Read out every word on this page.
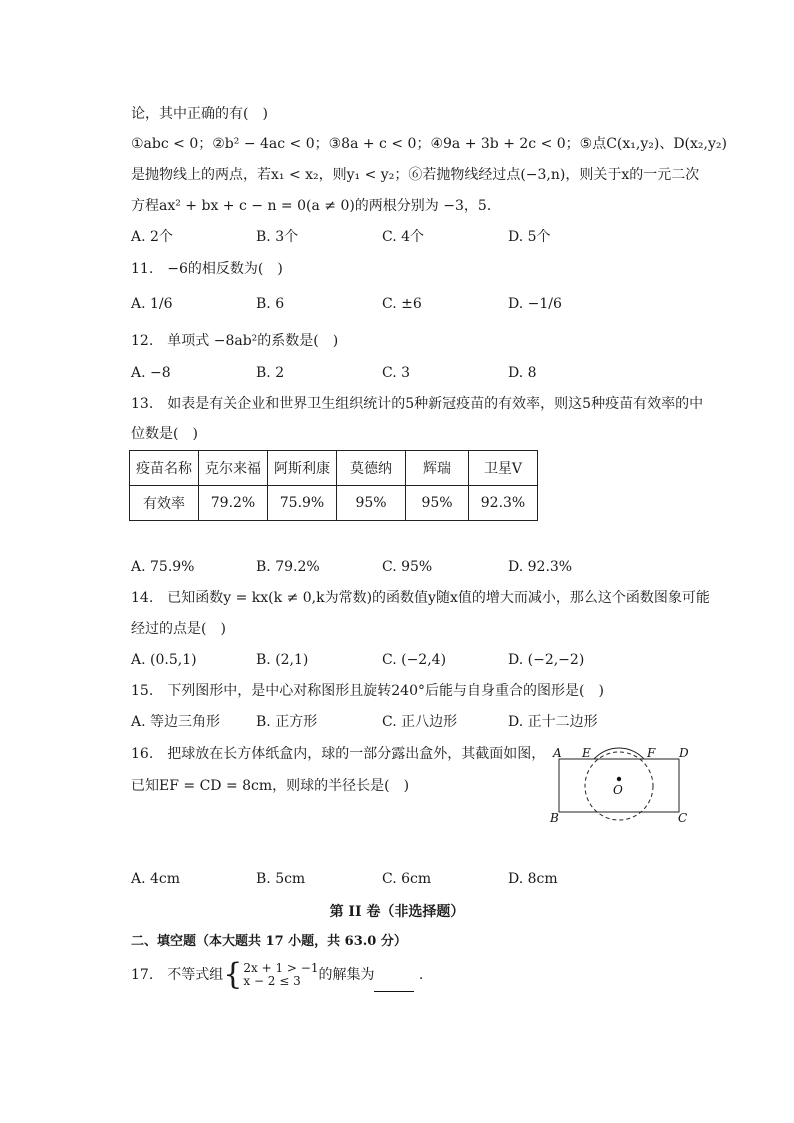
论，其中正确的有(　)
①abc < 0；②b² − 4ac < 0；③8a + c < 0；④9a + 3b + 2c < 0；⑤点C(x₁,y₂)、D(x₂,y₂)
是抛物线上的两点，若x₁ < x₂，则y₁ < y₂；⑥若抛物线经过点(−3,n)，则关于x的一元二次
方程ax² + bx + c − n = 0(a ≠ 0)的两根分别为 −3，5.
A. 2个	B. 3个	C. 4个	D. 5个
11.　−6的相反数为(　)
A. 1/6	B. 6	C. ±6	D. −1/6
12.　单项式 −8ab²的系数是(　)
A. −8	B. 2	C. 3	D. 8
13.　如表是有关企业和世界卫生组织统计的5种新冠疫苗的有效率，则这5种疫苗有效率的中
位数是(　)
疫苗名称	克尔来福	阿斯利康	莫德纳	辉瑞	卫星V
有效率	79.2%	75.9%	95%	95%	92.3%
A. 75.9%	B. 79.2%	C. 95%	D. 92.3%
14.　已知函数y = kx(k ≠ 0,k为常数)的函数值y随x值的增大而减小，那么这个函数图象可能
经过的点是(　)
A. (0.5,1)	B. (2,1)	C. (−2,4)	D. (−2,−2)
15.　下列图形中，是中心对称图形且旋转240°后能与自身重合的图形是(　)
A. 等边三角形	B. 正方形	C. 正八边形	D. 正十二边形
16.　把球放在长方体纸盒内，球的一部分露出盒外，其截面如图，
已知EF = CD = 8cm，则球的半径长是(　)
A E	F D
O
B	C
A. 4cm	B. 5cm	C. 6cm	D. 8cm
第 II 卷（非选择题）
二、填空题（本大题共 17 小题，共 63.0 分）
17.　不等式组{2x + 1 > −1
x − 2 ≤ 3 的解集为	.
